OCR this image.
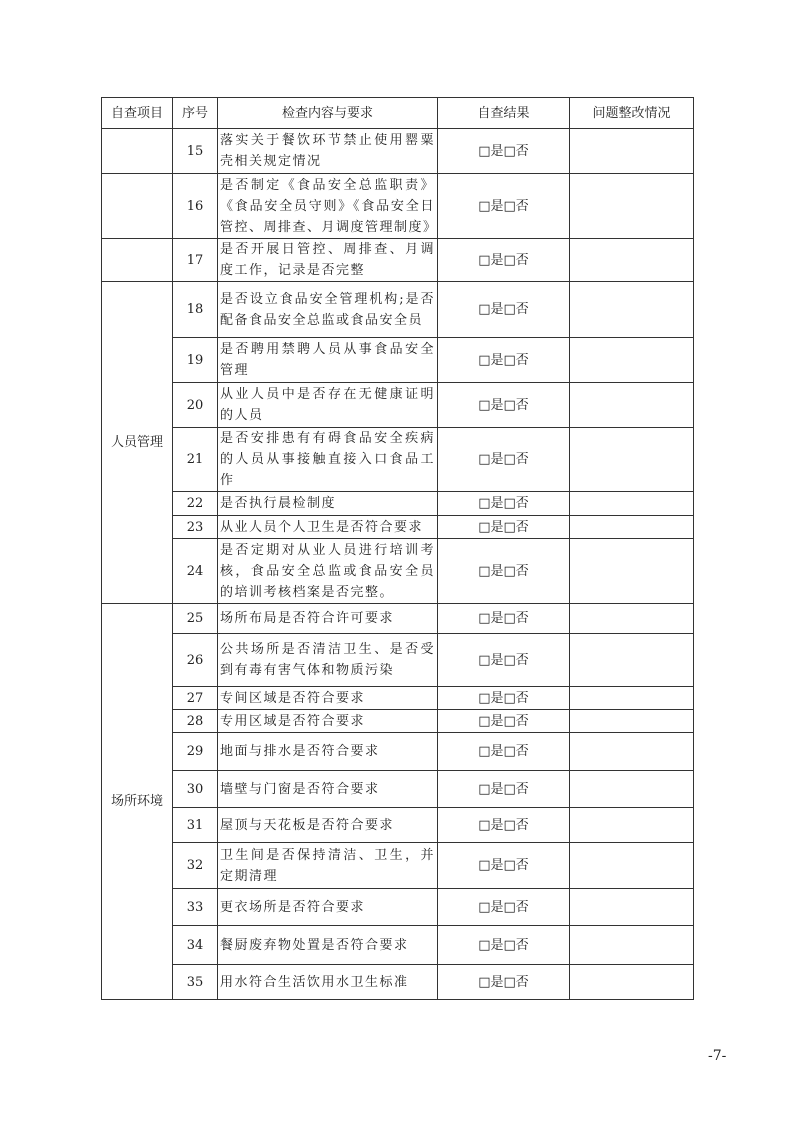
自查项目	序号	检查内容与要求	自查结果	问题整改情况
	15	落实关于餐饮环节禁止使用罂粟壳相关规定情况	□是□否	
	16	是否制定《食品安全总监职责》《食品安全员守则》《食品安全日管控、周排查、月调度管理制度》	□是□否	
	17	是否开展日管控、周排查、月调度工作，记录是否完整	□是□否	
人员管理	18	是否设立食品安全管理机构;是否配备食品安全总监或食品安全员	□是□否	
	19	是否聘用禁聘人员从事食品安全管理	□是□否	
	20	从业人员中是否存在无健康证明的人员	□是□否	
	21	是否安排患有有碍食品安全疾病的人员从事接触直接入口食品工作	□是□否	
	22	是否执行晨检制度	□是□否	
	23	从业人员个人卫生是否符合要求	□是□否	
	24	是否定期对从业人员进行培训考核，食品安全总监或食品安全员的培训考核档案是否完整。	□是□否	
场所环境	25	场所布局是否符合许可要求	□是□否	
	26	公共场所是否清洁卫生、是否受到有毒有害气体和物质污染	□是□否	
	27	专间区域是否符合要求	□是□否	
	28	专用区域是否符合要求	□是□否	
	29	地面与排水是否符合要求	□是□否	
	30	墙壁与门窗是否符合要求	□是□否	
	31	屋顶与天花板是否符合要求	□是□否	
	32	卫生间是否保持清洁、卫生，并定期清理	□是□否	
	33	更衣场所是否符合要求	□是□否	
	34	餐厨废弃物处置是否符合要求	□是□否	
	35	用水符合生活饮用水卫生标准	□是□否	
-7-
